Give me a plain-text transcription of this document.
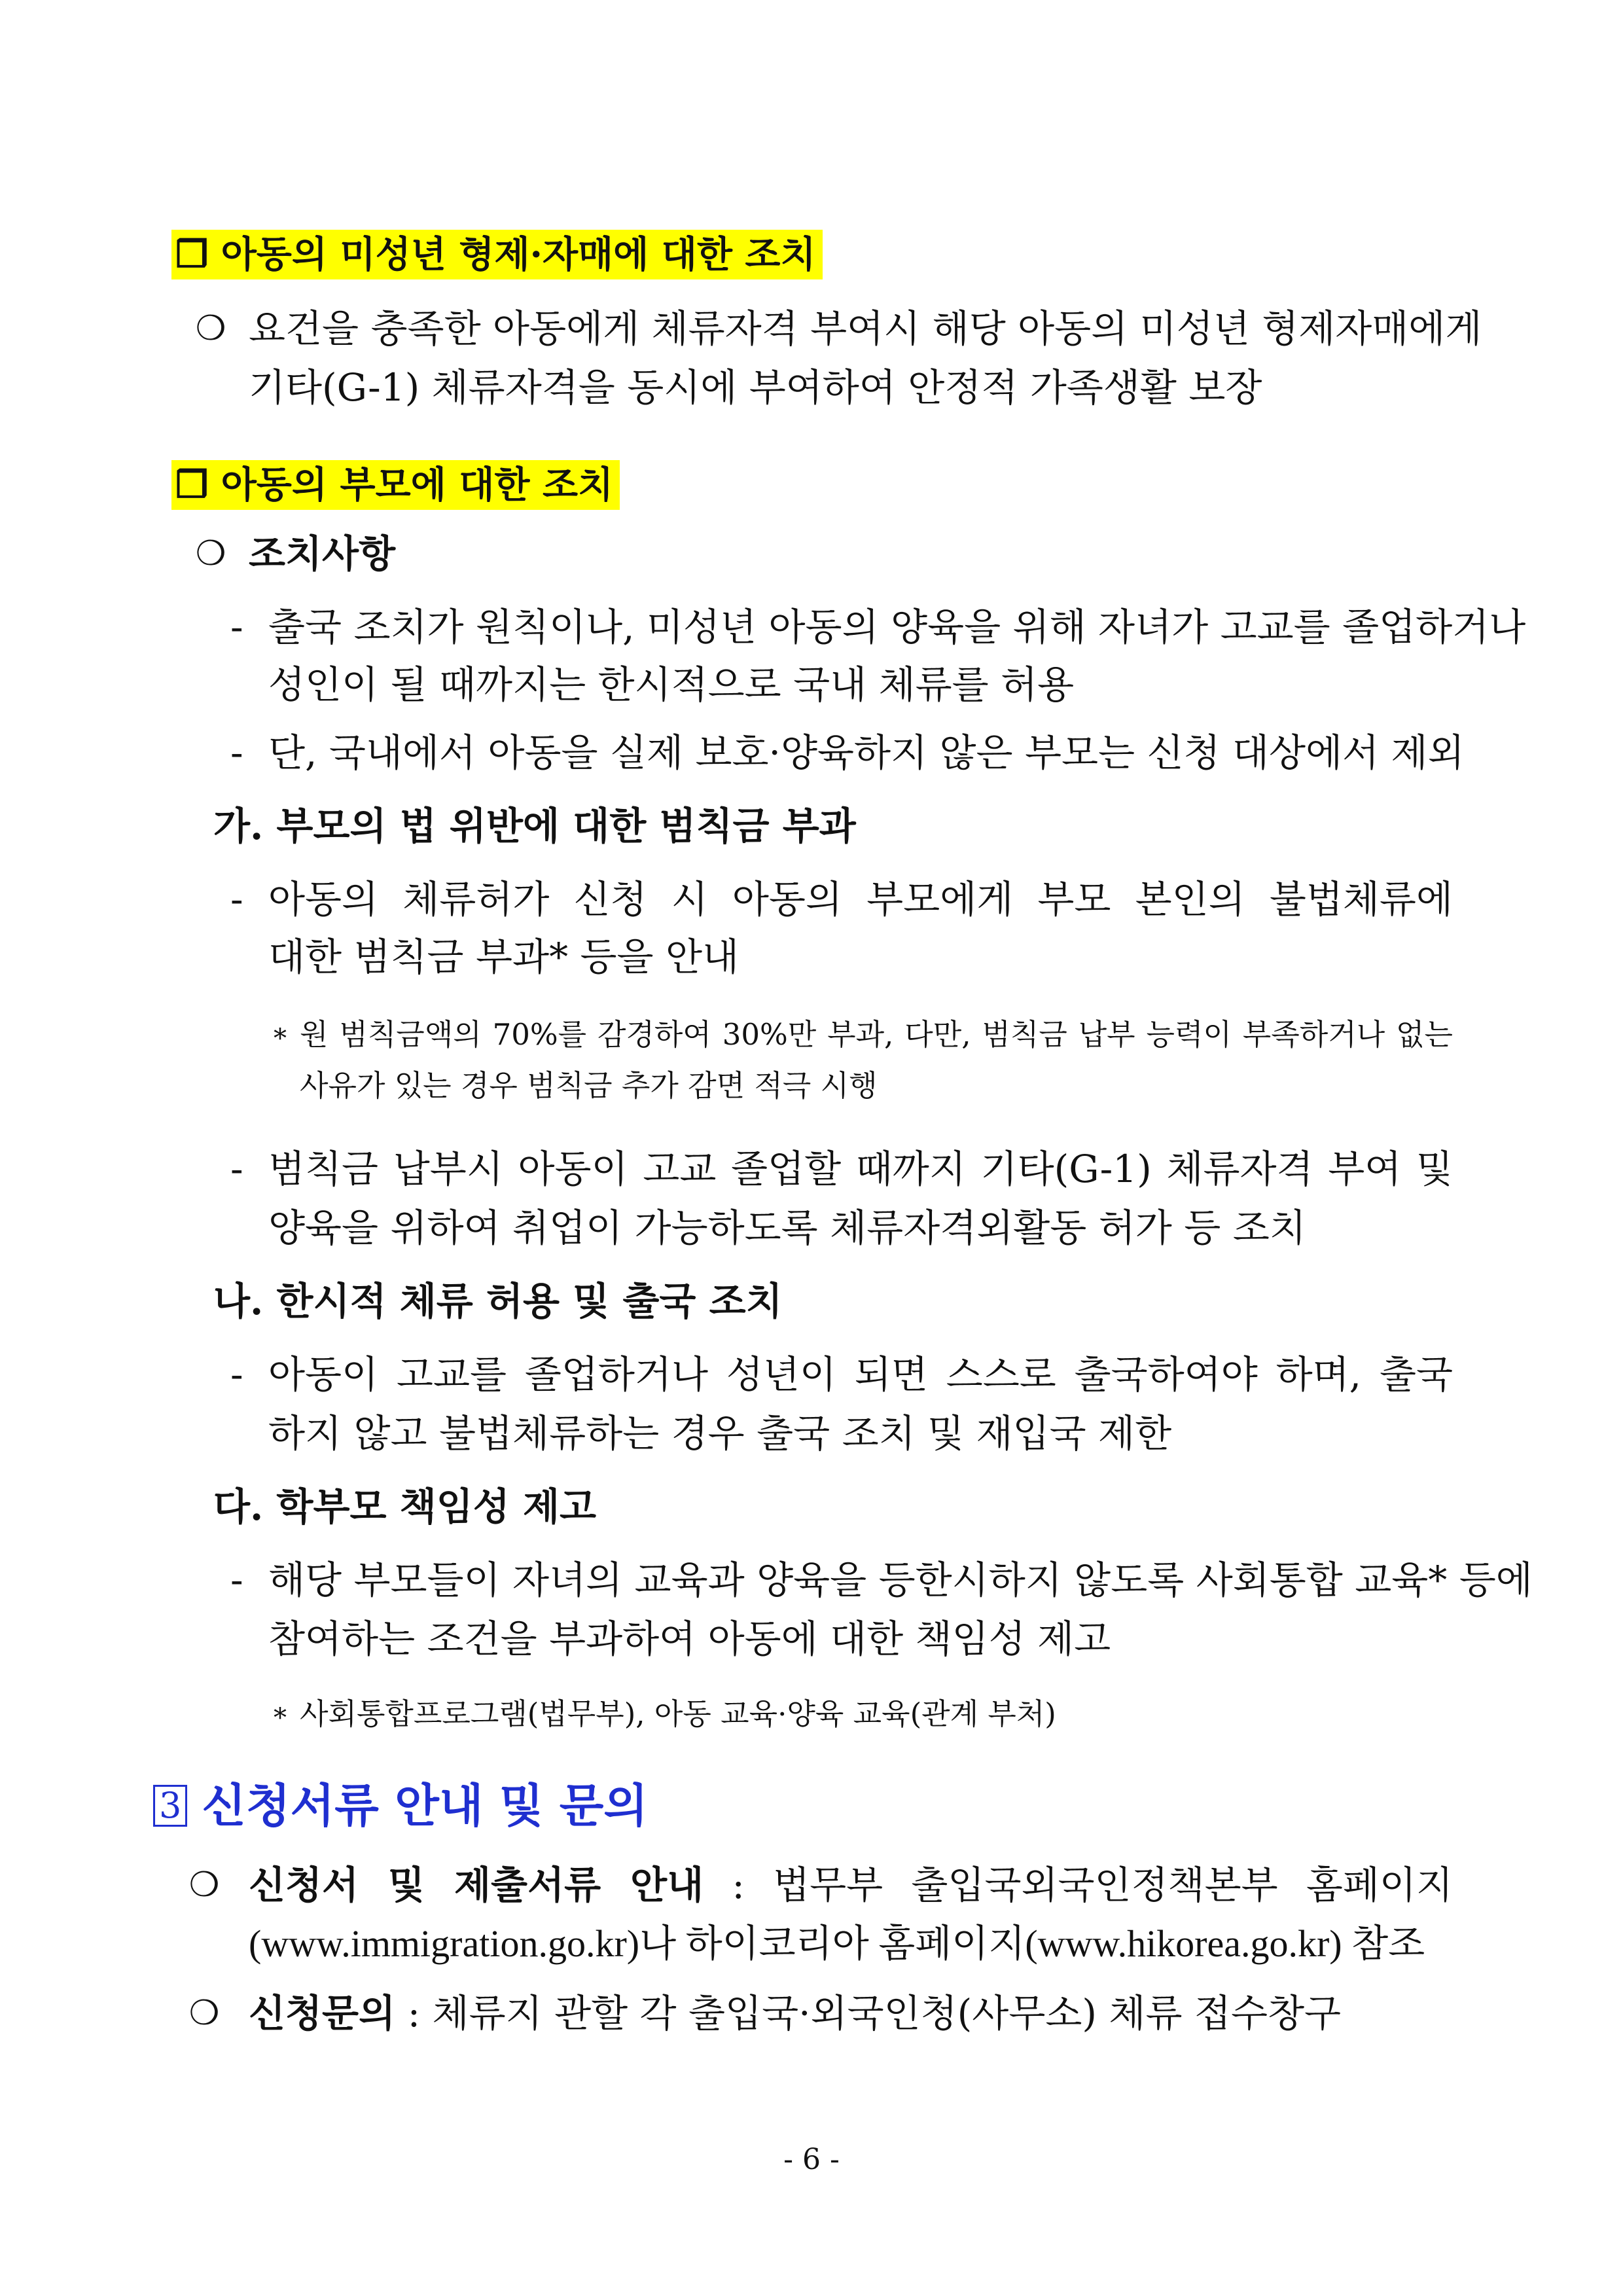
❒ 아동의 미성년 형제·자매에 대한 조치
❍ 요건을 충족한 아동에게 체류자격 부여시 해당 아동의 미성년 형제자매에게
기타(G-1) 체류자격을 동시에 부여하여 안정적 가족생활 보장
❒ 아동의 부모에 대한 조치
❍ 조치사항
- 출국 조치가 원칙이나, 미성년 아동의 양육을 위해 자녀가 고교를 졸업하거나
성인이 될 때까지는 한시적으로 국내 체류를 허용
- 단, 국내에서 아동을 실제 보호·양육하지 않은 부모는 신청 대상에서 제외
가. 부모의 법 위반에 대한 범칙금 부과
- 아동의 체류허가 신청 시 아동의 부모에게 부모 본인의 불법체류에
대한 범칙금 부과* 등을 안내
* 원 범칙금액의 70%를 감경하여 30%만 부과, 다만, 범칙금 납부 능력이 부족하거나 없는
사유가 있는 경우 범칙금 추가 감면 적극 시행
- 범칙금 납부시 아동이 고교 졸업할 때까지 기타(G-1) 체류자격 부여 및
양육을 위하여 취업이 가능하도록 체류자격외활동 허가 등 조치
나. 한시적 체류 허용 및 출국 조치
- 아동이 고교를 졸업하거나 성년이 되면 스스로 출국하여야 하며, 출국
하지 않고 불법체류하는 경우 출국 조치 및 재입국 제한
다. 학부모 책임성 제고
- 해당 부모들이 자녀의 교육과 양육을 등한시하지 않도록 사회통합 교육* 등에
참여하는 조건을 부과하여 아동에 대한 책임성 제고
* 사회통합프로그램(법무부), 아동 교육·양육 교육(관계 부처)
3 신청서류 안내 및 문의
❍ 신청서 및 제출서류 안내 : 법무부 출입국외국인정책본부 홈페이지
(www.immigration.go.kr)나 하이코리아 홈페이지(www.hikorea.go.kr) 참조
❍ 신청문의 : 체류지 관할 각 출입국·외국인청(사무소) 체류 접수창구
- 6 -
